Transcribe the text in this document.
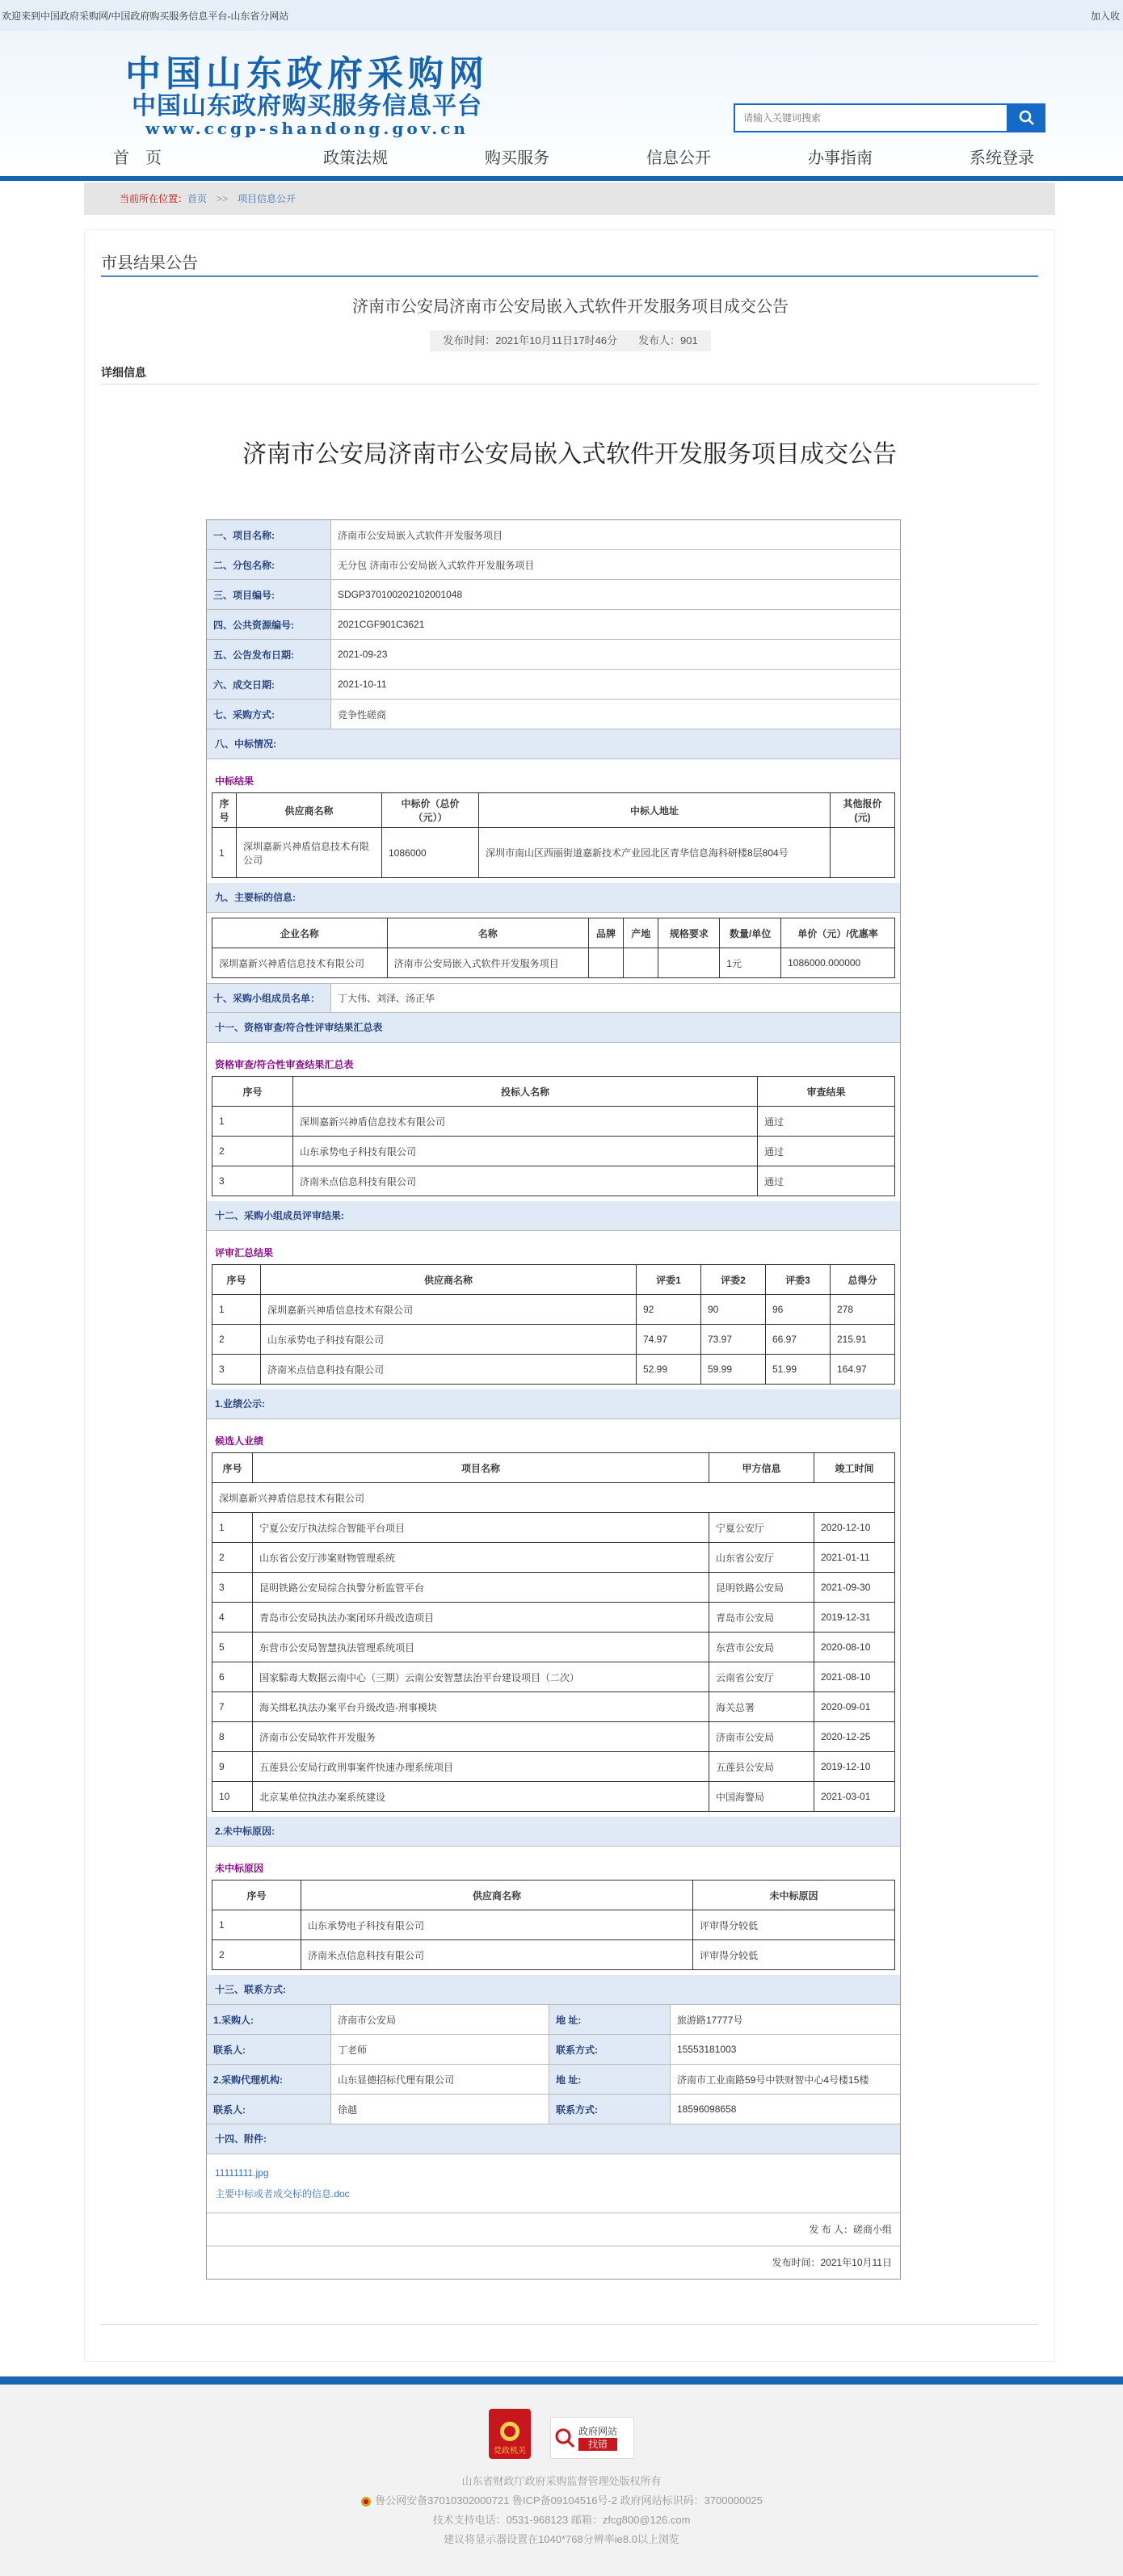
欢迎来到中国政府采购网/中国政府购买服务信息平台-山东省分网站	加入收
中国山东政府采购网
中国山东政府购买服务信息平台
www.ccgp-shandong.gov.cn
请输入关键词搜索
首　页	政策法规	购买服务	信息公开	办事指南	系统登录
当前所在位置：首页 >> 项目信息公开
市县结果公告
济南市公安局济南市公安局嵌入式软件开发服务项目成交公告
发布时间：2021年10月11日17时46分　　发布人：901
详细信息
济南市公安局济南市公安局嵌入式软件开发服务项目成交公告
一、项目名称:	济南市公安局嵌入式软件开发服务项目
二、分包名称:	无分包 济南市公安局嵌入式软件开发服务项目
三、项目编号:	SDGP370100202102001048
四、公共资源编号:	2021CGF901C3621
五、公告发布日期:	2021-09-23
六、成交日期:	2021-10-11
七、采购方式:	竞争性磋商
八、中标情况:
中标结果
序号	供应商名称	中标价（总价（元））	中标人地址	其他报价(元)
1	深圳嘉新兴神盾信息技术有限公司	1086000	深圳市南山区西丽街道嘉新技术产业园北区青华信息海科研楼8层804号	
九、主要标的信息:
企业名称	名称	品牌	产地	规格要求	数量/单位	单价（元）/优惠率
深圳嘉新兴神盾信息技术有限公司	济南市公安局嵌入式软件开发服务项目				1元	1086000.000000
十、采购小组成员名单：	丁大伟、刘泽、汤正华
十一、资格审查/符合性评审结果汇总表
资格审查/符合性审查结果汇总表
序号	投标人名称	审查结果
1	深圳嘉新兴神盾信息技术有限公司	通过
2	山东承势电子科技有限公司	通过
3	济南米点信息科技有限公司	通过
十二、采购小组成员评审结果:
评审汇总结果
序号	供应商名称	评委1	评委2	评委3	总得分
1	深圳嘉新兴神盾信息技术有限公司	92	90	96	278
2	山东承势电子科技有限公司	74.97	73.97	66.97	215.91
3	济南米点信息科技有限公司	52.99	59.99	51.99	164.97
1.业绩公示:
候选人业绩
序号	项目名称	甲方信息	竣工时间
深圳嘉新兴神盾信息技术有限公司			
1	宁夏公安厅执法综合智能平台项目	宁夏公安厅	2020-12-10
2	山东省公安厅涉案财物管理系统	山东省公安厅	2021-01-11
3	昆明铁路公安局综合执警分析监管平台	昆明铁路公安局	2021-09-30
4	青岛市公安局执法办案闭环升级改造项目	青岛市公安局	2019-12-31
5	东营市公安局智慧执法管理系统项目	东营市公安局	2020-08-10
6	国家騌毒大数据云南中心（三期）云南公安智慧法治平台建设项目（二次）	云南省公安厅	2021-08-10
7	海关缉私执法办案平台升级改造-刑事模块	海关总署	2020-09-01
8	济南市公安局软件开发服务	济南市公安局	2020-12-25
9	五莲县公安局行政刑事案件快速办理系统项目	五莲县公安局	2019-12-10
10	北京某单位执法办案系统建设	中国海警局	2021-03-01
2.未中标原因:
未中标原因
序号	供应商名称	未中标原因
1	山东承势电子科技有限公司	评审得分较低
2	济南米点信息科技有限公司	评审得分较低
十三、联系方式:
1.采购人:	济南市公安局	地 址:	旅游路17777号
联系人:	丁老师	联系方式:	15553181003
2.采购代理机构:	山东显德招标代理有限公司	地 址:	济南市工业南路59号中铁财智中心4号楼15楼
联系人:	徐越	联系方式:	18596098658
十四、附件:
11111111.jpg
主要中标或者成交标的信息.doc
发 布 人：磋商小组
发布时间：2021年10月11日
党政机关
政府网站
找错

山东省财政厅政府采购监督管理处版权所有

鲁公网安备37010302000721 鲁ICP备09104516号-2 政府网站标识码：3700000025

技术支持电话：0531-968123 邮箱：zfcg800@126.com

建议将显示器设置在1040*768分辨率ie8.0以上浏览
